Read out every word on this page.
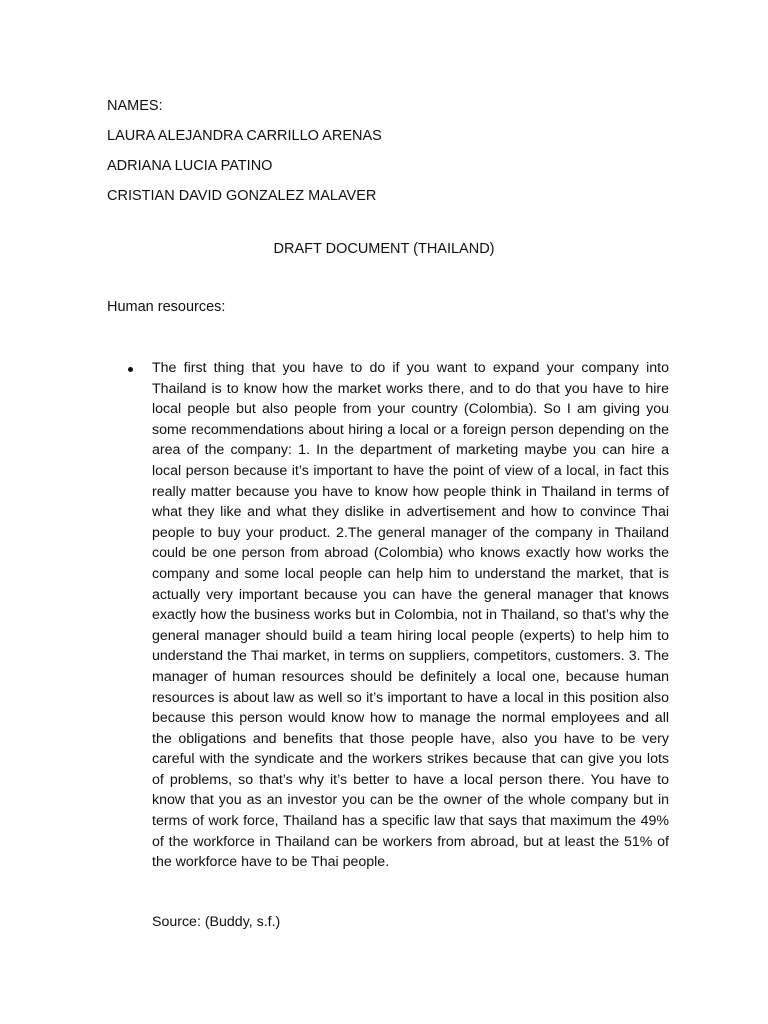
NAMES:
LAURA ALEJANDRA CARRILLO ARENAS
ADRIANA LUCIA PATINO
CRISTIAN DAVID GONZALEZ MALAVER
DRAFT DOCUMENT (THAILAND)
Human resources:
The first thing that you have to do if you want to expand your company into Thailand is to know how the market works there, and to do that you have to hire local people but also people from your country (Colombia). So I am giving you some recommendations about hiring a local or a foreign person depending on the area of the company: 1. In the department of marketing maybe you can hire a local person because it’s important to have the point of view of a local, in fact this really matter because you have to know how people think in Thailand in terms of what they like and what they dislike in advertisement and how to convince Thai people to buy your product. 2.The general manager of the company in Thailand could be one person from abroad (Colombia) who knows exactly how works the company and some local people can help him to understand the market, that is actually very important because you can have the general manager that knows exactly how the business works but in Colombia, not in Thailand, so that’s why the general manager should build a team hiring local people (experts) to help him to understand the Thai market, in terms on suppliers, competitors, customers. 3. The manager of human resources should be definitely a local one, because human resources is about law as well so it’s important to have a local in this position also because this person would know how to manage the normal employees and all the obligations and benefits that those people have, also you have to be very careful with the syndicate and the workers strikes because that can give you lots of problems, so that’s why it’s better to have a local person there. You have to know that you as an investor you can be the owner of the whole company but in terms of work force, Thailand has a specific law that says that maximum the 49% of the workforce in Thailand can be workers from abroad, but at least the 51% of the workforce have to be Thai people.
Source: (Buddy, s.f.)
